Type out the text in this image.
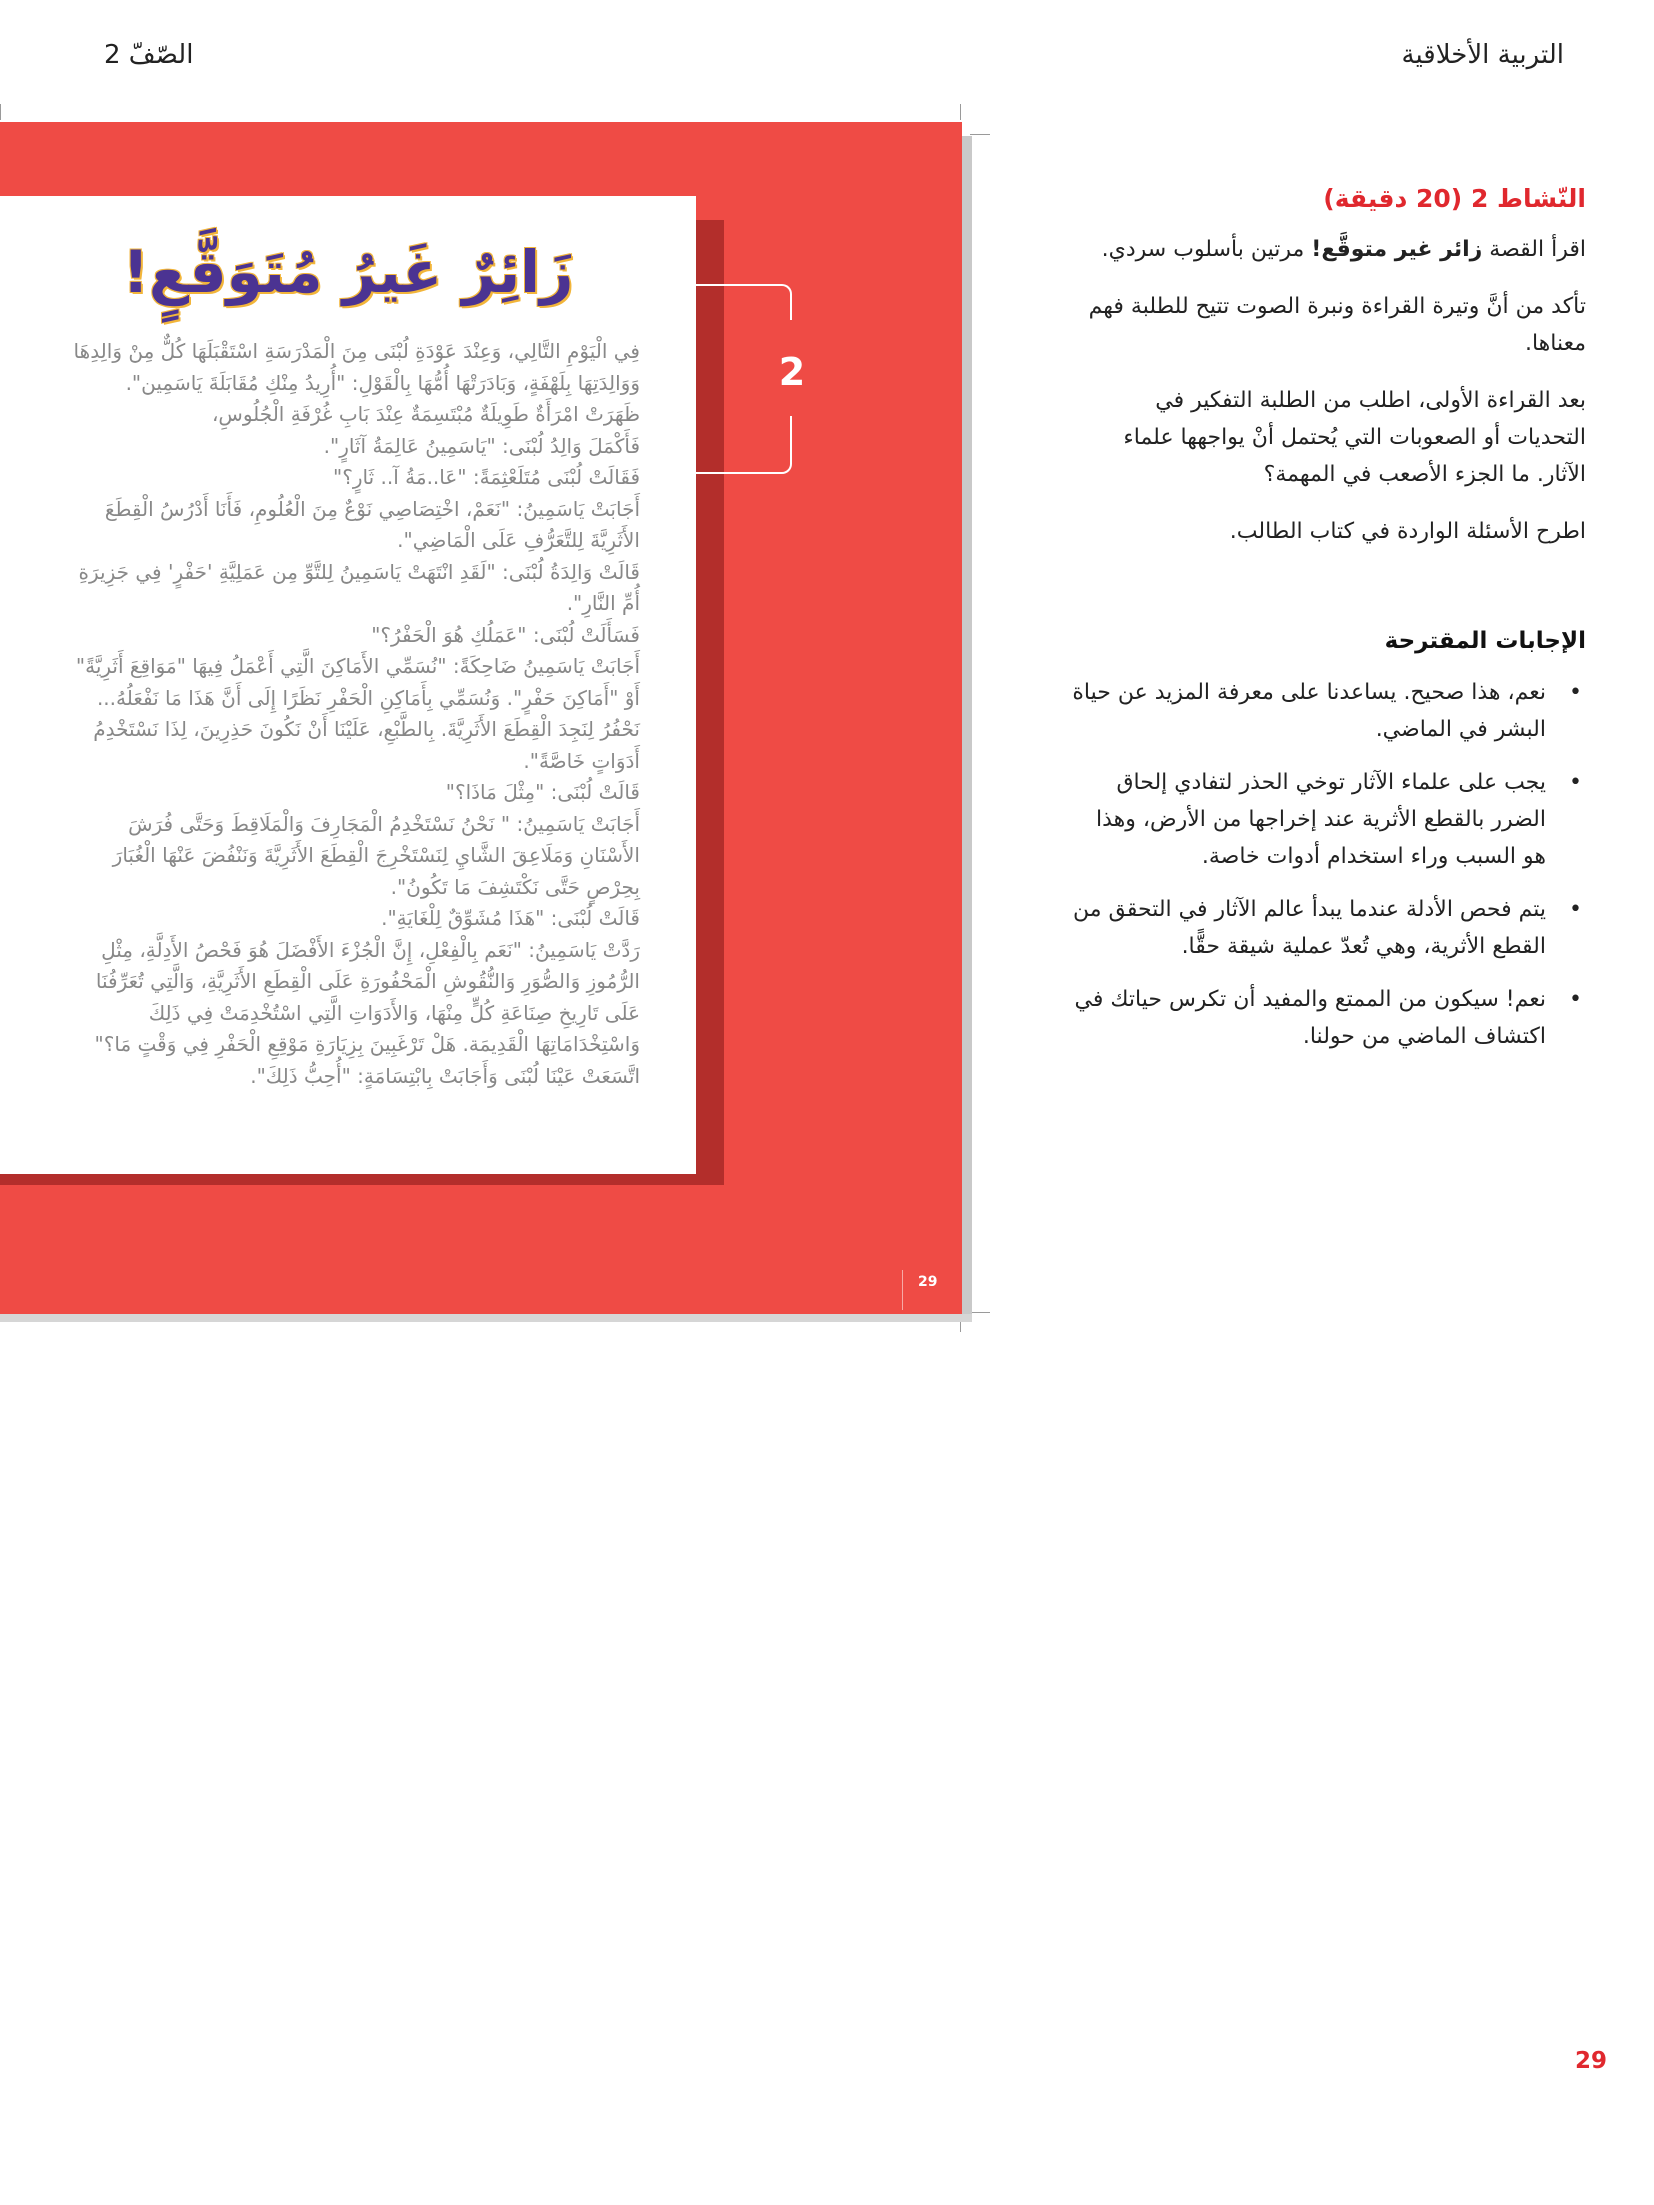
التربية الأخلاقية
الصّفّ 2
زَائِرٌ غَيرُ مُتَوَقَّعٍ!

فِي الْيَوْمِ التَّالِي، وَعِنْدَ عَوْدَةِ لُبْنَى مِنَ الْمَدْرَسَةِ اسْتَقْبَلَهَا كُلٌّ مِنْ وَالِدِهَا وَوَالِدَتِهَا بِلَهْفَةٍ، وَبَادَرَتْهَا أُمُّهَا بِالْقَوْلِ: "أُرِيدُ مِنْكِ مُقَابَلَةَ يَاسَمِين". ظَهَرَتْ امْرَأَةٌ طَوِيلَةٌ مُبْتَسِمَةٌ عِنْدَ بَابِ غُرْفَةِ الْجُلُوسِ،

فَأَكْمَلَ وَالِدُ لُبْنَى: "يَاسَمِينُ عَالِمَةُ آثَارٍ".

فَقَالَتْ لُبْنَى مُتَلَعْثِمَةً: "عَا..مَةُ آ.. ثَارٍ؟"

أَجَابَتْ يَاسَمِينُ: "نَعَمْ، اخْتِصَاصِي نَوْعٌ مِنَ الْعُلُومِ، فَأَنَا أَدْرُسُ الْقِطَعَ الأَثَرِيَّةَ لِلتَّعَرُّفِ عَلَى الْمَاضِي".

قَالَتْ وَالِدَةُ لُبْنَى: "لَقَدِ انْتَهَتْ يَاسَمِينُ لِلتَّوِّ مِن عَمَلِيَّةِ 'حَفْرٍ' فِي جَزِيرَةِ أُمِّ النَّارِ".

فَسَأَلَتْ لُبْنَى: "عَمَلُكِ هُوَ الْحَفْرُ؟"

أَجَابَتْ يَاسَمِينُ ضَاحِكَةً: "نُسَمِّي الأَمَاكِنَ الَّتِي أَعْمَلُ فِيهَا "مَوَاقِعَ أَثَرِيَّةً" أَوْ "أَمَاكِنَ حَفْرٍ". وَنُسَمِّي بِأَمَاكِنِ الْحَفْرِ نَظَرًا إِلَى أَنَّ هَذَا مَا نَفْعَلُهُ... نَحْفُرُ لِنَجِدَ الْقِطَعَ الأَثَرِيَّةَ. بِالطَّبْعِ، عَلَيْنَا أَنْ نَكُونَ حَذِرِينَ، لِذَا نَسْتَخْدِمُ أَدَوَاتٍ خَاصَّةً".

قَالَتْ لُبْنَى: "مِثْلَ مَاذَا؟"

أَجَابَتْ يَاسَمِينُ: " نَحْنُ نَسْتَخْدِمُ الْمَجَارِفَ وَالْمَلَاقِطَ وَحَتَّى فُرَشَ الأَسْنَانِ وَمَلَاعِقَ الشَّايِ لِنَسْتَخْرِجَ الْقِطَعَ الأَثَرِيَّةَ وَنَنْفُضَ عَنْهَا الْغُبَارَ بِحِرْصٍ حَتَّى نَكْتَشِفَ مَا تَكُونُ".

قَالَتْ لُبْنَى: "هَذَا مُشَوِّقٌ لِلْغَايَةِ".

رَدَّتْ يَاسَمِينُ: "نَعَم بِالْفِعْلِ، إِنَّ الْجُزْءَ الأَفْضَلَ هُوَ فَحْصُ الأَدِلَّةِ، مِثْلِ الرُّمُوزِ وَالصُّوَرِ وَالنُّقُوشِ الْمَحْفُورَةِ عَلَى الْقِطَعِ الأَثَرِيَّةِ، وَالَّتِي تُعَرِّفُنَا عَلَى تَارِيخِ صِنَاعَةِ كُلٍّ مِنْهَا، وَالأَدَوَاتِ الَّتِي اسْتُخْدِمَتْ فِي ذَلِكَ وَاسْتِخْدَامَاتِهَا الْقَدِيمَة. هَلْ تَرْغَبِينَ بِزِيَارَةِ مَوْقِعِ الْحَفْرِ فِي وَقْتٍ مَا؟"

اتَّسَعَتْ عَيْنَا لُبْنَى وَأَجَابَتْ بِابْتِسَامَةٍ: "أُحِبُّ ذَلِكَ".

2
29
النّشاط 2 (20 دقيقة)

اقرأ القصة زائر غير متوقَّع! مرتين بأسلوب سردي.

تأكد من أنَّ وتيرة القراءة ونبرة الصوت تتيح للطلبة فهم معناها.

بعد القراءة الأولى، اطلب من الطلبة التفكير في التحديات أو الصعوبات التي يُحتمل أنْ يواجهها علماء الآثار. ما الجزء الأصعب في المهمة؟

اطرح الأسئلة الواردة في كتاب الطالب.

الإجابات المقترحة
•
نعم، هذا صحيح. يساعدنا على معرفة المزيد عن حياة البشر في الماضي.
•
يجب على علماء الآثار توخي الحذر لتفادي إلحاق الضرر بالقطع الأثرية عند إخراجها من الأرض، وهذا هو السبب وراء استخدام أدوات خاصة.
•
يتم فحص الأدلة عندما يبدأ عالم الآثار في التحقق من القطع الأثرية، وهي تُعدّ عملية شيقة حقًّا.
•
نعم! سيكون من الممتع والمفيد أن تكرس حياتك في اكتشاف الماضي من حولنا.
29
